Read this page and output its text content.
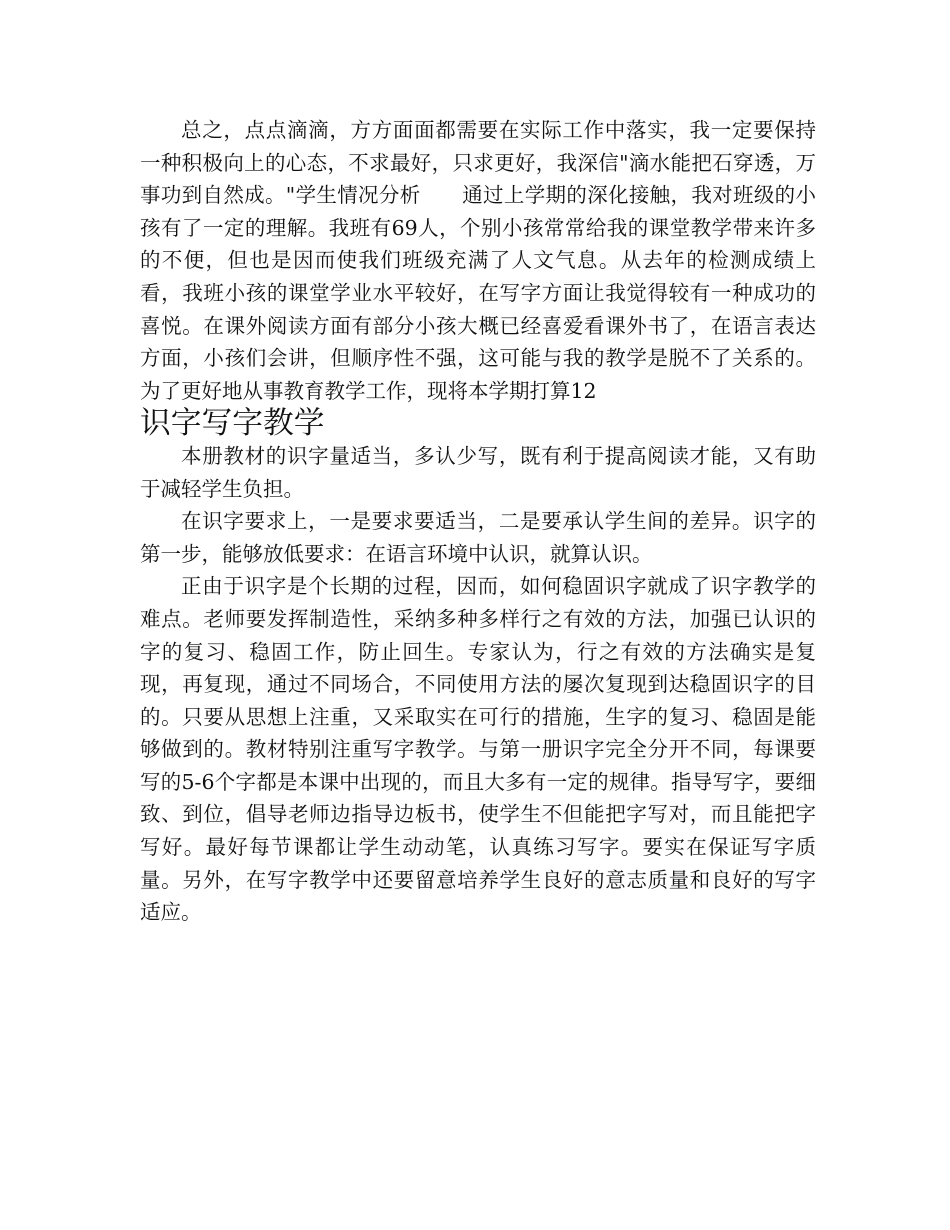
总之，点点滴滴，方方面面都需要在实际工作中落实，我一定要保持一种积极向上的心态，不求最好，只求更好，我深信"滴水能把石穿透，万事功到自然成。"学生情况分析　　通过上学期的深化接触，我对班级的小孩有了一定的理解。我班有69人，个别小孩常常给我的课堂教学带来许多的不便，但也是因而使我们班级充满了人文气息。从去年的检测成绩上看，我班小孩的课堂学业水平较好，在写字方面让我觉得较有一种成功的喜悦。在课外阅读方面有部分小孩大概已经喜爱看课外书了，在语言表达方面，小孩们会讲，但顺序性不强，这可能与我的教学是脱不了关系的。为了更好地从事教育教学工作，现将本学期打算12

识字写字教学

本册教材的识字量适当，多认少写，既有利于提高阅读才能，又有助于减轻学生负担。

在识字要求上，一是要求要适当，二是要承认学生间的差异。识字的第一步，能够放低要求：在语言环境中认识，就算认识。

正由于识字是个长期的过程，因而，如何稳固识字就成了识字教学的难点。老师要发挥制造性，采纳多种多样行之有效的方法，加强已认识的字的复习、稳固工作，防止回生。专家认为，行之有效的方法确实是复现，再复现，通过不同场合，不同使用方法的屡次复现到达稳固识字的目的。只要从思想上注重，又采取实在可行的措施，生字的复习、稳固是能够做到的。教材特别注重写字教学。与第一册识字完全分开不同，每课要写的5-6个字都是本课中出现的，而且大多有一定的规律。指导写字，要细致、到位，倡导老师边指导边板书，使学生不但能把字写对，而且能把字写好。最好每节课都让学生动动笔，认真练习写字。要实在保证写字质量。另外，在写字教学中还要留意培养学生良好的意志质量和良好的写字适应。
